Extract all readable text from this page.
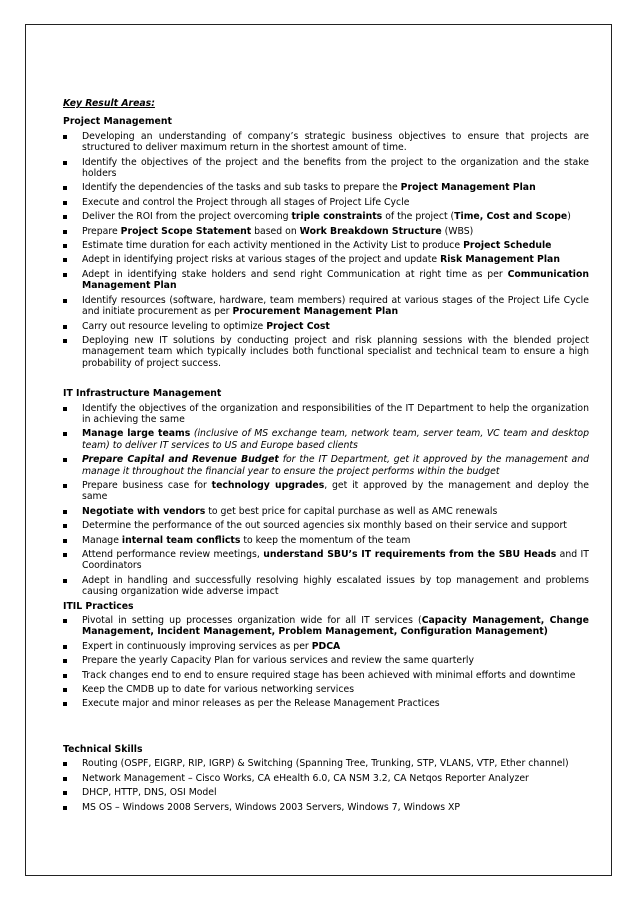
Key Result Areas:
Project Management
Developing an understanding of company’s strategic business objectives to ensure that projects are structured to deliver maximum return in the shortest amount of time.
Identify the objectives of the project and the benefits from the project to the organization and the stake holders
Identify the dependencies of the tasks and sub tasks to prepare the Project Management Plan
Execute and control the Project through all stages of Project Life Cycle
Deliver the ROI from the project overcoming triple constraints of the project (Time, Cost and Scope)
Prepare Project Scope Statement based on Work Breakdown Structure (WBS)
Estimate time duration for each activity mentioned in the Activity List to produce Project Schedule
Adept in identifying project risks at various stages of the project and update Risk Management Plan
Adept in identifying stake holders and send right Communication at right time as per Communication Management Plan
Identify resources (software, hardware, team members) required at various stages of the Project Life Cycle and initiate procurement as per Procurement Management Plan
Carry out resource leveling to optimize Project Cost
Deploying new IT solutions by conducting project and risk planning sessions with the blended project management team which typically includes both functional specialist and technical team to ensure a high probability of project success.
IT Infrastructure Management
Identify the objectives of the organization and responsibilities of the IT Department to help the organization in achieving the same
Manage large teams (inclusive of MS exchange team, network team, server team, VC team and desktop team) to deliver IT services to US and Europe based clients
Prepare Capital and Revenue Budget for the IT Department, get it approved by the management and manage it throughout the financial year to ensure the project performs within the budget
Prepare business case for technology upgrades, get it approved by the management and deploy the same
Negotiate with vendors to get best price for capital purchase as well as AMC renewals
Determine the performance of the out sourced agencies six monthly based on their service and support
Manage internal team conflicts to keep the momentum of the team
Attend performance review meetings, understand SBU’s IT requirements from the SBU Heads and IT Coordinators
Adept in handling and successfully resolving highly escalated issues by top management and problems causing organization wide adverse impact
ITIL Practices
Pivotal in setting up processes organization wide for all IT services (Capacity Management, Change Management, Incident Management, Problem Management, Configuration Management)
Expert in continuously improving services as per PDCA
Prepare the yearly Capacity Plan for various services and review the same quarterly
Track changes end to end to ensure required stage has been achieved with minimal efforts and downtime
Keep the CMDB up to date for various networking services
Execute major and minor releases as per the Release Management Practices
Technical Skills
Routing (OSPF, EIGRP, RIP, IGRP) & Switching (Spanning Tree, Trunking, STP, VLANS, VTP, Ether channel)
Network Management – Cisco Works, CA eHealth 6.0, CA NSM 3.2, CA Netqos Reporter Analyzer
DHCP, HTTP, DNS, OSI Model
MS OS – Windows 2008 Servers, Windows 2003 Servers, Windows 7, Windows XP
